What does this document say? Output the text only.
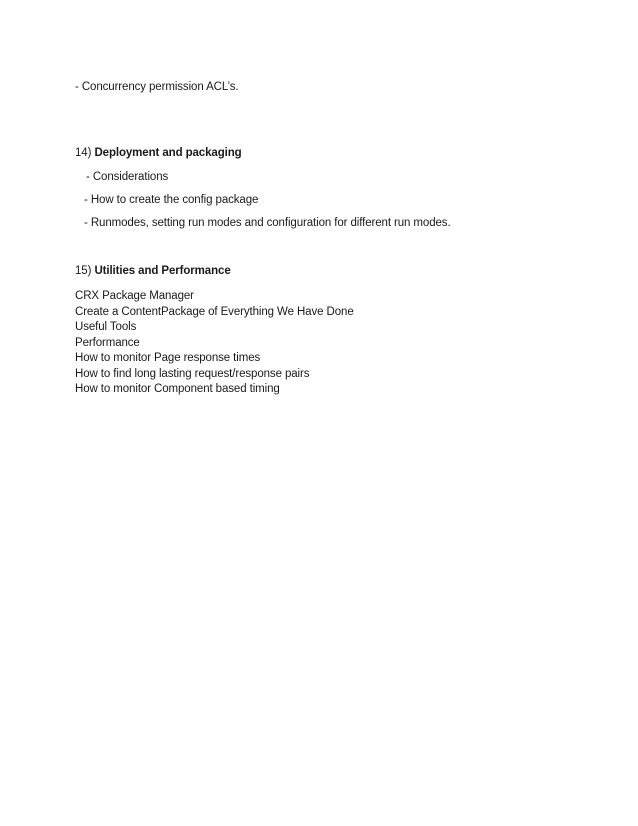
- Concurrency permission ACL’s.
14) Deployment and packaging
- Considerations
- How to create the config package
- Runmodes, setting run modes and configuration for different run modes.
15) Utilities and Performance
CRX Package Manager
Create a ContentPackage of Everything We Have Done
Useful Tools
Performance
How to monitor Page response times
How to find long lasting request/response pairs
How to monitor Component based timing
